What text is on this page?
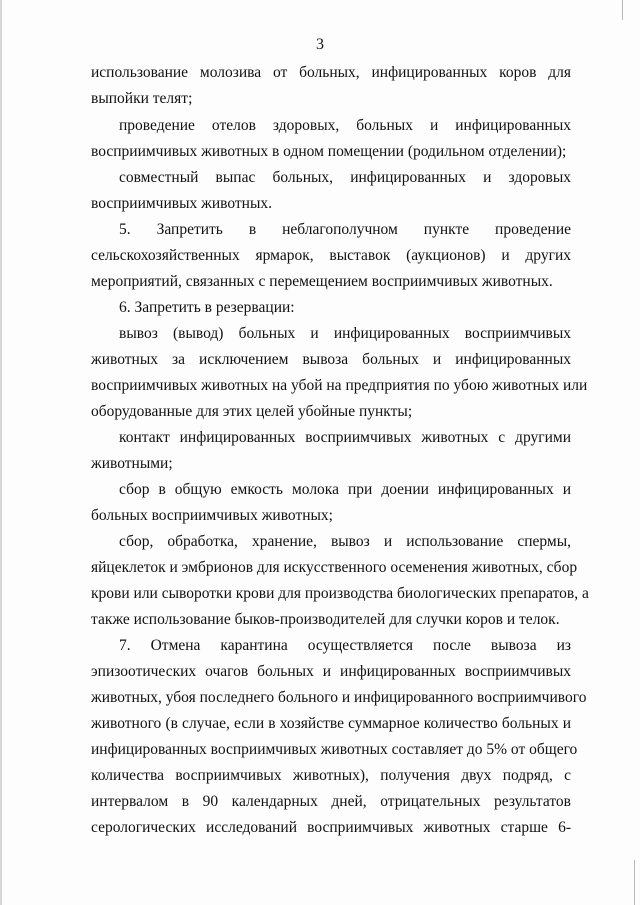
3
использование молозива от больных, инфицированных коров для
выпойки телят;
проведение отелов здоровых, больных и инфицированных
восприимчивых животных в одном помещении (родильном отделении);
совместный выпас больных, инфицированных и здоровых
восприимчивых животных.
5. Запретить в неблагополучном пункте проведение
сельскохозяйственных ярмарок, выставок (аукционов) и других
мероприятий, связанных с перемещением восприимчивых животных.
6. Запретить в резервации:
вывоз (вывод) больных и инфицированных восприимчивых
животных за исключением вывоза больных и инфицированных
восприимчивых животных на убой на предприятия по убою животных или
оборудованные для этих целей убойные пункты;
контакт инфицированных восприимчивых животных с другими
животными;
сбор в общую емкость молока при доении инфицированных и
больных восприимчивых животных;
сбор, обработка, хранение, вывоз и использование спермы,
яйцеклеток и эмбрионов для искусственного осеменения животных, сбор
крови или сыворотки крови для производства биологических препаратов, а
также использование быков-производителей для случки коров и телок.
7. Отмена карантина осуществляется после вывоза из
эпизоотических очагов больных и инфицированных восприимчивых
животных, убоя последнего больного и инфицированного восприимчивого
животного (в случае, если в хозяйстве суммарное количество больных и
инфицированных восприимчивых животных составляет до 5% от общего
количества восприимчивых животных), получения двух подряд, с
интервалом в 90 календарных дней, отрицательных результатов
серологических исследований восприимчивых животных старше 6-
